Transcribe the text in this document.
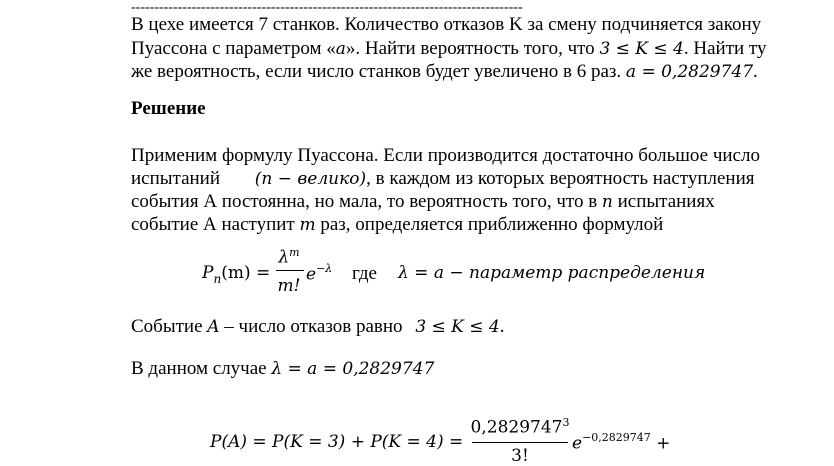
------------------------------------------------------------------------------------
В цехе имеется 7 станков. Количество отказов K за смену подчиняется закону
Пуассона с параметром «a». Найти вероятность того, что 3 ≤ K ≤ 4. Найти ту
же вероятность, если число станков будет увеличено в 6 раз. a = 0,2829747.
Решение
Применим формулу Пуассона. Если производится достаточно большое число
испытаний (n − велико), в каждом из которых вероятность наступления
события А постоянна, но мала, то вероятность того, что в n испытаниях
событие А наступит m раз, определяется приближенно формулой
$P_n(m)$ =
$\lambda^m$
m!
$e^{-\lambda}$ где λ = a − параметр распределения
Событие A – число отказов равно 3 ≤ K ≤ 4.
В данном случае λ = a = 0,2829747
P(A) = P(K = 3) + P(K = 4) =
$0,2829747^3$
3!
$e^{-0,2829747}$ +
